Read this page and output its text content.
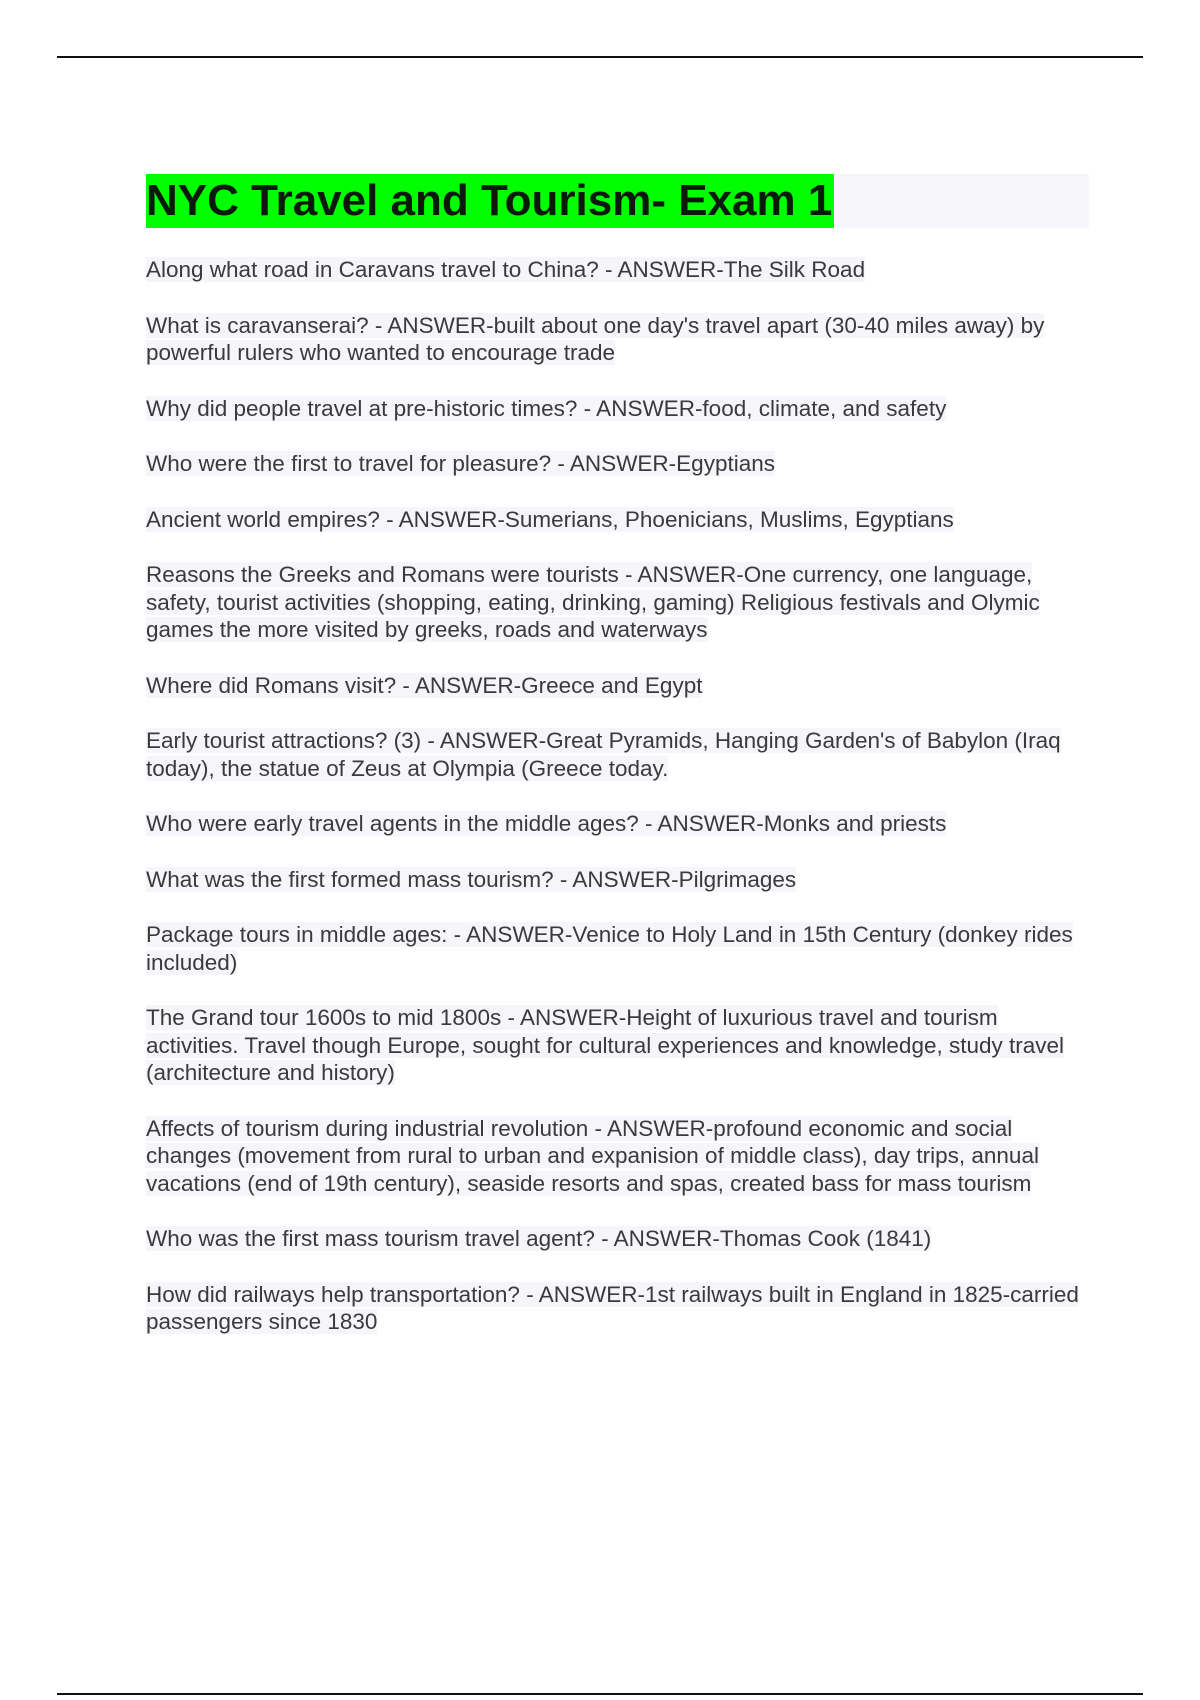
NYC Travel and Tourism- Exam 1
Along what road in Caravans travel to China? - ANSWER-The Silk Road
What is caravanserai? - ANSWER-built about one day's travel apart (30-40 miles away) by powerful rulers who wanted to encourage trade
Why did people travel at pre-historic times? - ANSWER-food, climate, and safety
Who were the first to travel for pleasure? - ANSWER-Egyptians
Ancient world empires? - ANSWER-Sumerians, Phoenicians, Muslims, Egyptians
Reasons the Greeks and Romans were tourists - ANSWER-One currency, one language, safety, tourist activities (shopping, eating, drinking, gaming) Religious festivals and Olymic games the more visited by greeks, roads and waterways
Where did Romans visit? - ANSWER-Greece and Egypt
Early tourist attractions? (3) - ANSWER-Great Pyramids, Hanging Garden's of Babylon (Iraq today), the statue of Zeus at Olympia (Greece today.
Who were early travel agents in the middle ages? - ANSWER-Monks and priests
What was the first formed mass tourism? - ANSWER-Pilgrimages
Package tours in middle ages: - ANSWER-Venice to Holy Land in 15th Century (donkey rides included)
The Grand tour 1600s to mid 1800s - ANSWER-Height of luxurious travel and tourism activities. Travel though Europe, sought for cultural experiences and knowledge, study travel (architecture and history)
Affects of tourism during industrial revolution - ANSWER-profound economic and social changes (movement from rural to urban and expanision of middle class), day trips, annual vacations (end of 19th century), seaside resorts and spas, created bass for mass tourism
Who was the first mass tourism travel agent? - ANSWER-Thomas Cook (1841)
How did railways help transportation? - ANSWER-1st railways built in England in 1825-carried passengers since 1830
